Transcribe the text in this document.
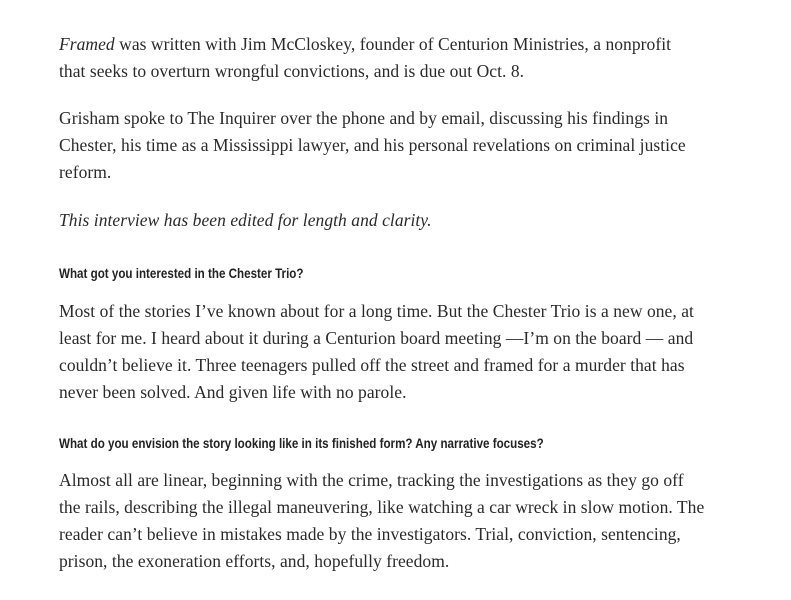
Framed was written with Jim McCloskey, founder of Centurion Ministries, a nonprofit
that seeks to overturn wrongful convictions, and is due out Oct. 8.

Grisham spoke to The Inquirer over the phone and by email, discussing his findings in
Chester, his time as a Mississippi lawyer, and his personal revelations on criminal justice
reform.

This interview has been edited for length and clarity.

What got you interested in the Chester Trio?

Most of the stories I’ve known about for a long time. But the Chester Trio is a new one, at
least for me. I heard about it during a Centurion board meeting —I’m on the board — and
couldn’t believe it. Three teenagers pulled off the street and framed for a murder that has
never been solved. And given life with no parole.

What do you envision the story looking like in its finished form? Any narrative focuses?

Almost all are linear, beginning with the crime, tracking the investigations as they go off
the rails, describing the illegal maneuvering, like watching a car wreck in slow motion. The
reader can’t believe in mistakes made by the investigators. Trial, conviction, sentencing,
prison, the exoneration efforts, and, hopefully freedom.
